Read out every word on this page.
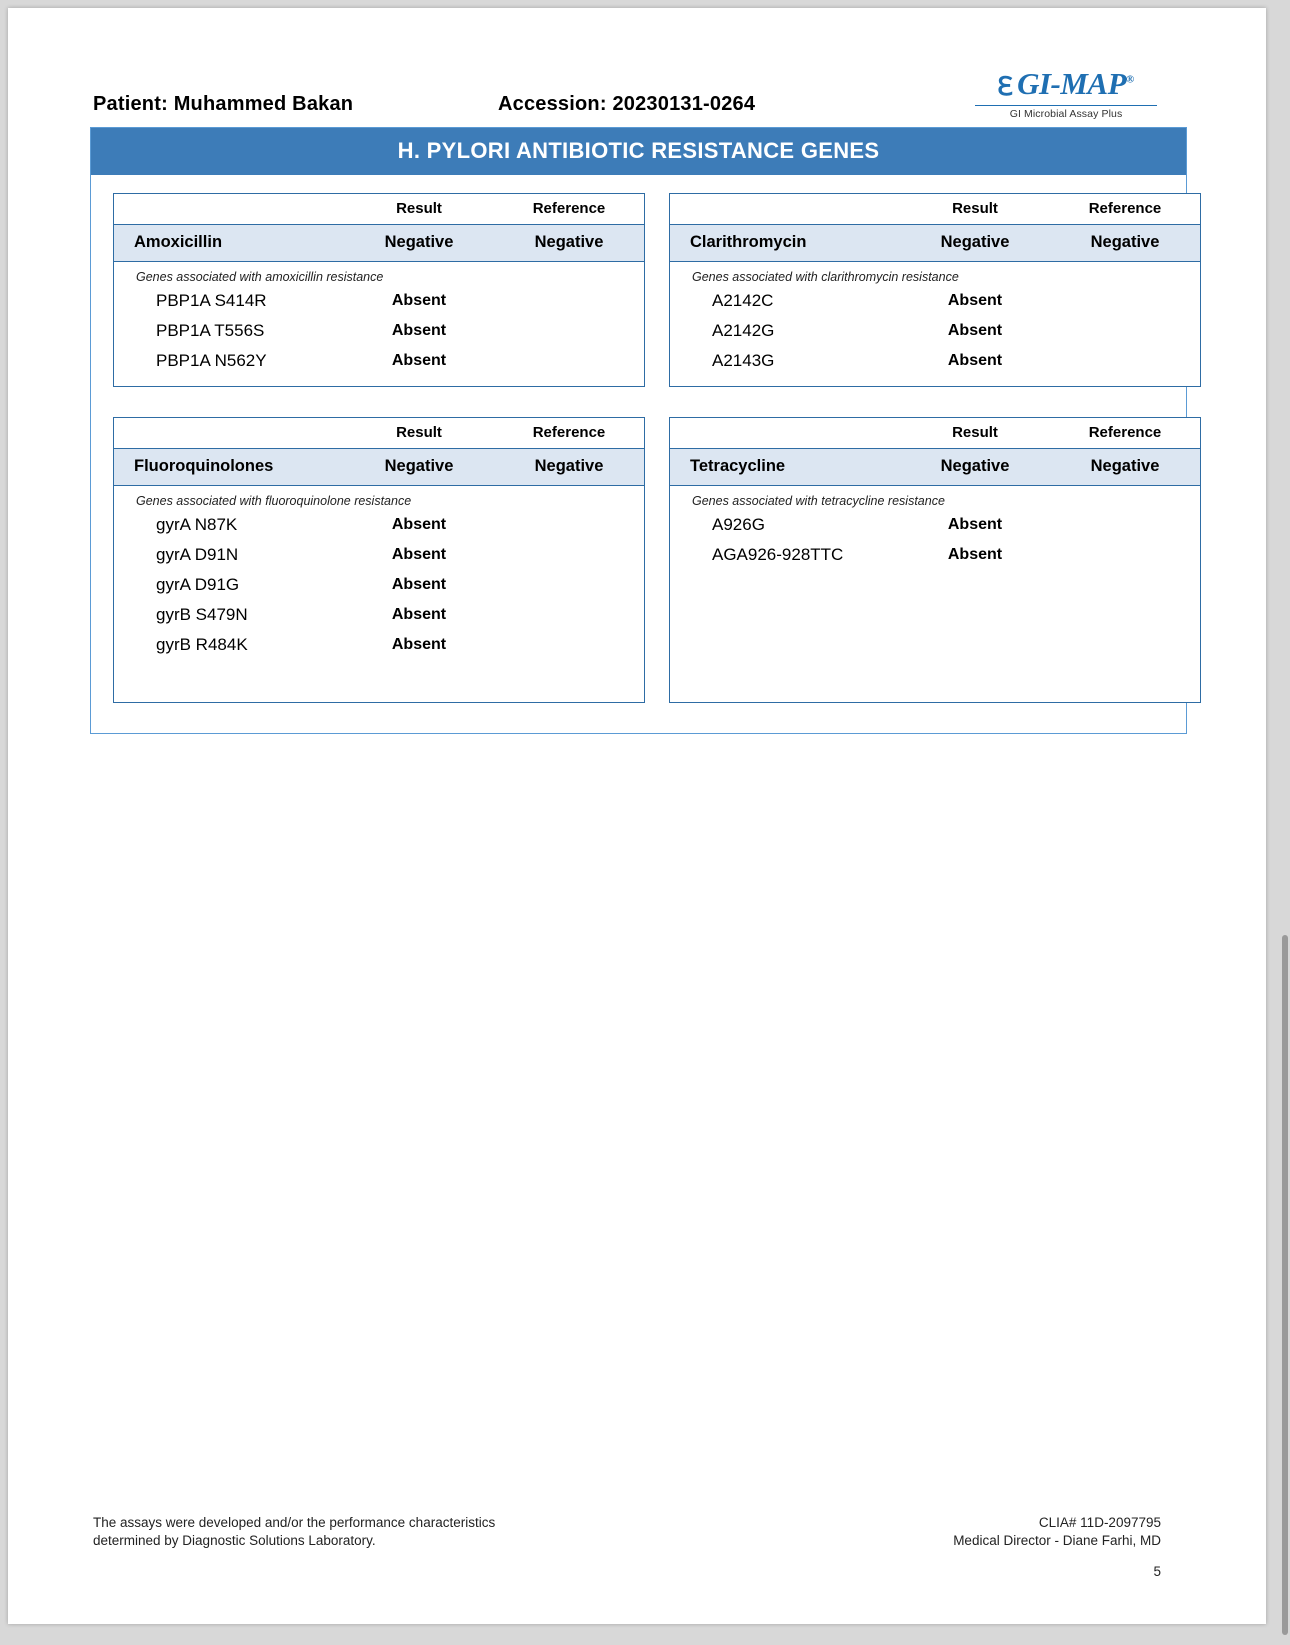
Patient: Muhammed Bakan	Accession: 20230131-0264
Ɜ GI-MAP®
GI Microbial Assay Plus
H. PYLORI ANTIBIOTIC RESISTANCE GENES
Result	Reference
Amoxicillin	Negative	Negative
Genes associated with amoxicillin resistance
PBP1A S414R	Absent
PBP1A T556S	Absent
PBP1A N562Y	Absent
Result	Reference
Clarithromycin	Negative	Negative
Genes associated with clarithromycin resistance
A2142C	Absent
A2142G	Absent
A2143G	Absent
Result	Reference
Fluoroquinolones	Negative	Negative
Genes associated with fluoroquinolone resistance
gyrA N87K	Absent
gyrA D91N	Absent
gyrA D91G	Absent
gyrB S479N	Absent
gyrB R484K	Absent
Result	Reference
Tetracycline	Negative	Negative
Genes associated with tetracycline resistance
A926G	Absent
AGA926-928TTC	Absent
The assays were developed and/or the performance characteristics
determined by Diagnostic Solutions Laboratory.
CLIA# 11D-2097795
Medical Director - Diane Farhi, MD
5
